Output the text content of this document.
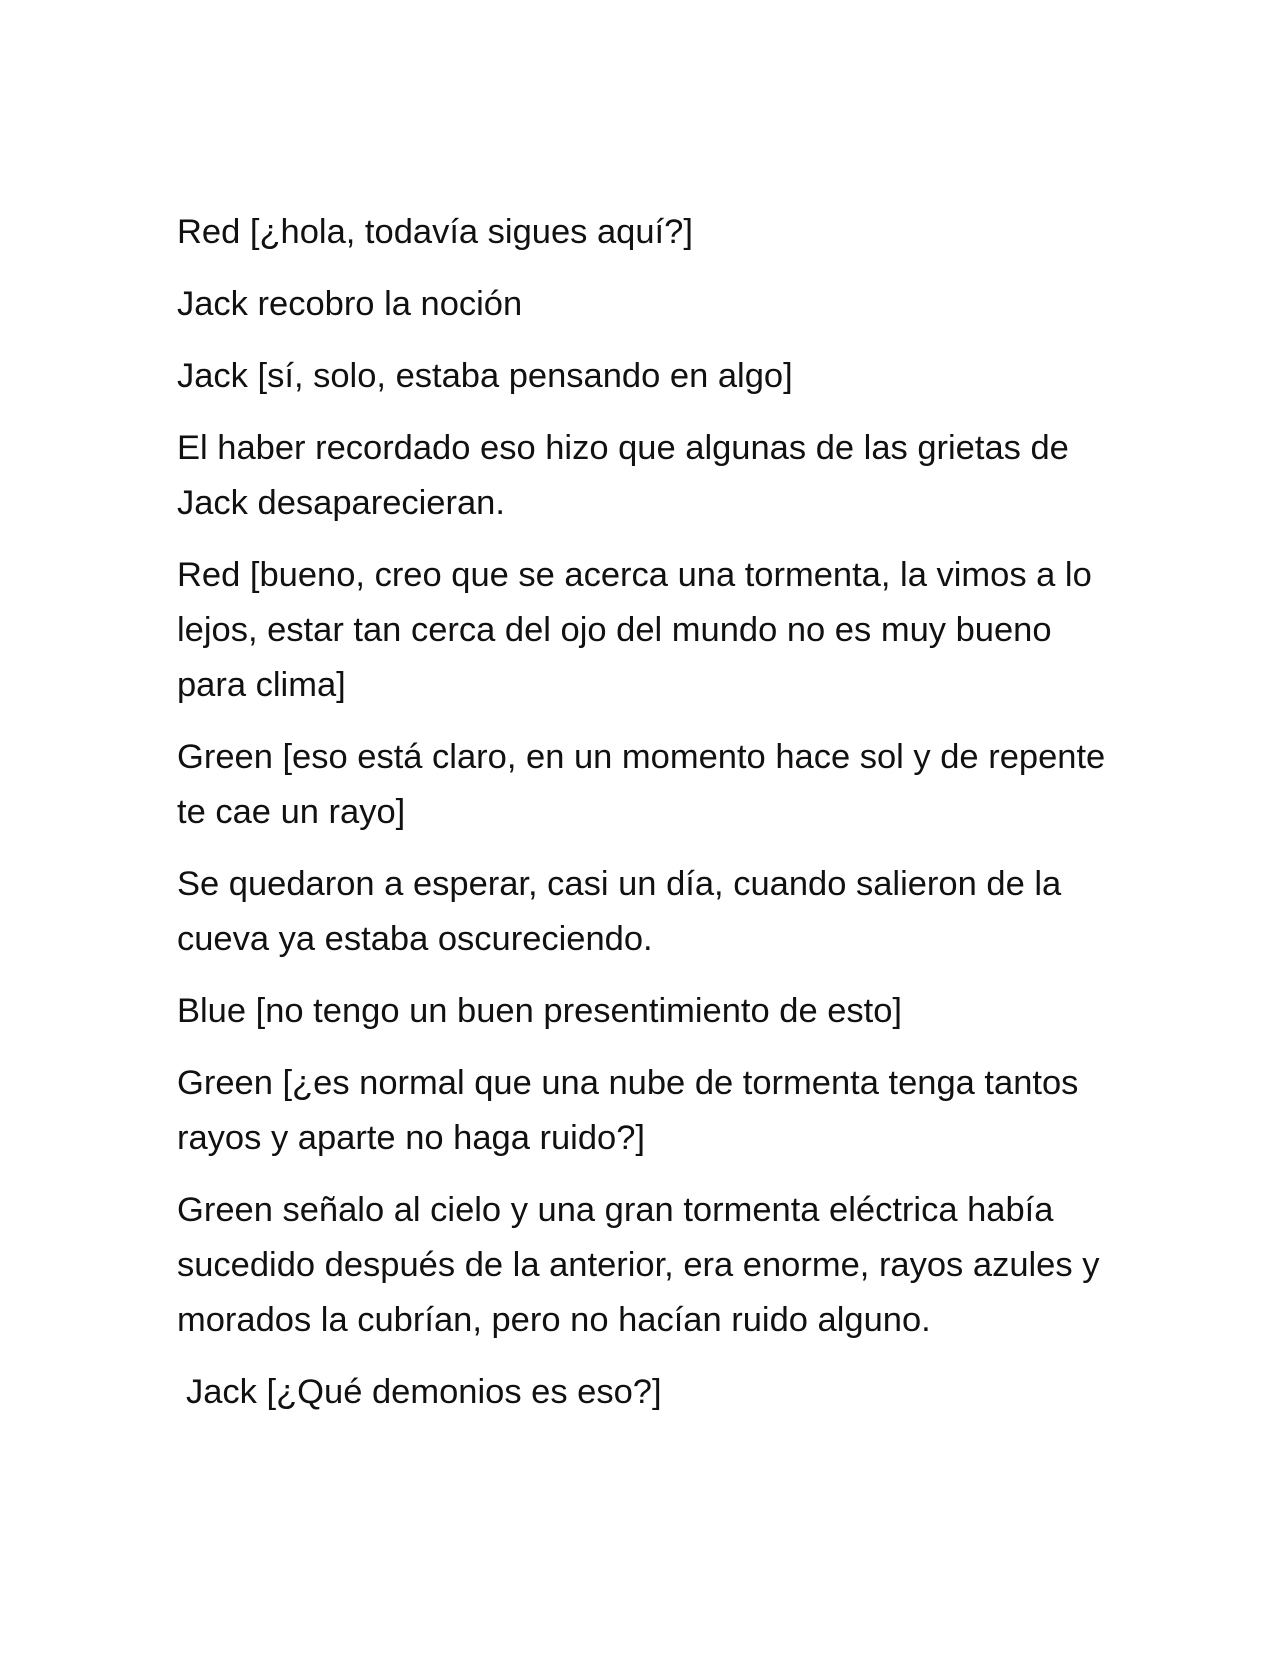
Red [¿hola, todavía sigues aquí?]

Jack recobro la noción

Jack [sí, solo, estaba pensando en algo]

El haber recordado eso hizo que algunas de las grietas de Jack desaparecieran.

Red [bueno, creo que se acerca una tormenta, la vimos a lo lejos, estar tan cerca del ojo del mundo no es muy bueno para clima]

Green [eso está claro, en un momento hace sol y de repente te cae un rayo]

Se quedaron a esperar, casi un día, cuando salieron de la cueva ya estaba oscureciendo.

Blue [no tengo un buen presentimiento de esto]

Green [¿es normal que una nube de tormenta tenga tantos rayos y aparte no haga ruido?]

Green señalo al cielo y una gran tormenta eléctrica había sucedido después de la anterior, era enorme, rayos azules y morados la cubrían, pero no hacían ruido alguno.

Jack [¿Qué demonios es eso?]
